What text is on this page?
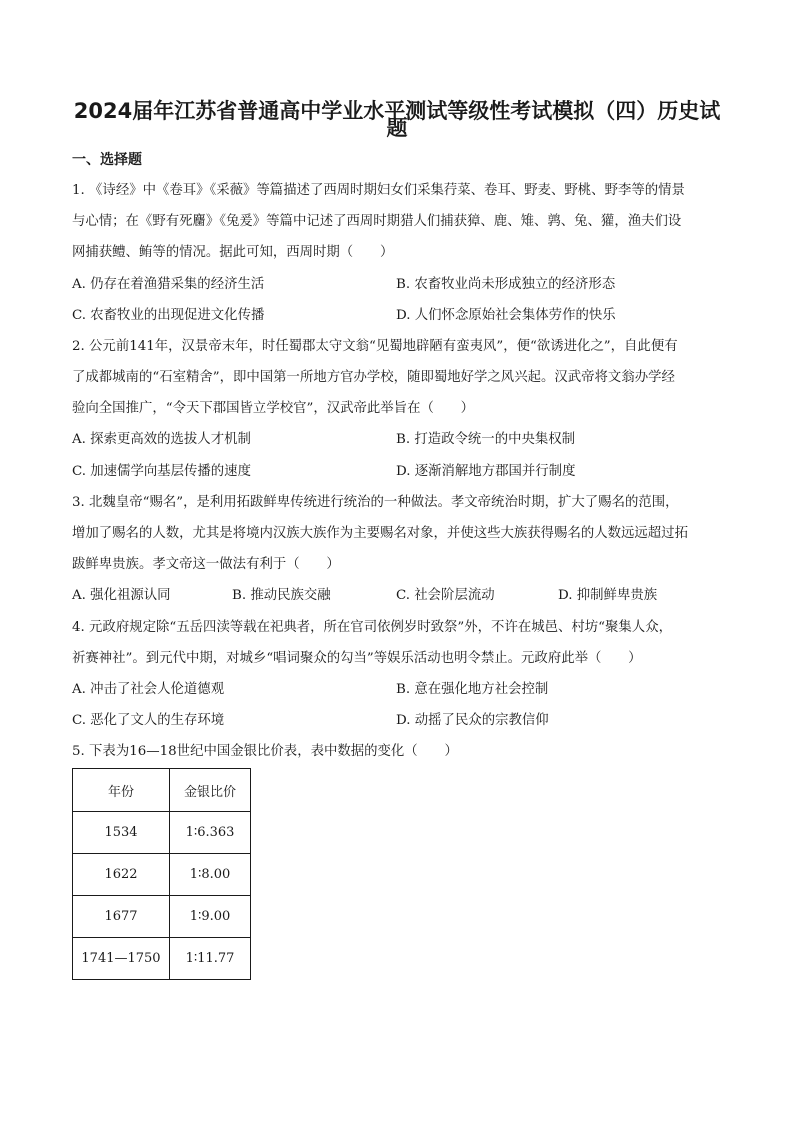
2024届年江苏省普通高中学业水平测试等级性考试模拟（四）历史试
题
一、选择题
1. 《诗经》中《卷耳》《采薇》等篇描述了西周时期妇女们采集荇菜、卷耳、野麦、野桃、野李等的情景
与心情；在《野有死麕》《兔爰》等篇中记述了西周时期猎人们捕获獐、鹿、雉、鹑、兔、獾，渔夫们设
网捕获鳢、鲔等的情况。据此可知，西周时期（　　）
A. 仍存在着渔猎采集的经济生活	B. 农畜牧业尚未形成独立的经济形态
C. 农畜牧业的出现促进文化传播	D. 人们怀念原始社会集体劳作的快乐
2. 公元前141年，汉景帝末年，时任蜀郡太守文翁“见蜀地辟陋有蛮夷风”，便“欲诱进化之”，自此便有
了成都城南的“石室精舍”，即中国第一所地方官办学校，随即蜀地好学之风兴起。汉武帝将文翁办学经
验向全国推广，“令天下郡国皆立学校官”，汉武帝此举旨在（　　）
A. 探索更高效的选拔人才机制	B. 打造政令统一的中央集权制
C. 加速儒学向基层传播的速度	D. 逐渐消解地方郡国并行制度
3. 北魏皇帝“赐名”，是利用拓跋鲜卑传统进行统治的一种做法。孝文帝统治时期，扩大了赐名的范围，
增加了赐名的人数，尤其是将境内汉族大族作为主要赐名对象，并使这些大族获得赐名的人数远远超过拓
跋鲜卑贵族。孝文帝这一做法有利于（　　）
A. 强化祖源认同	B. 推动民族交融	C. 社会阶层流动	D. 抑制鲜卑贵族
4. 元政府规定除“五岳四渎等载在祀典者，所在官司依例岁时致祭”外，不许在城邑、村坊“聚集人众，
祈赛神社”。到元代中期，对城乡“唱词聚众的勾当”等娱乐活动也明令禁止。元政府此举（　　）
A. 冲击了社会人伦道德观	B. 意在强化地方社会控制
C. 恶化了文人的生存环境	D. 动摇了民众的宗教信仰
5. 下表为16—18世纪中国金银比价表，表中数据的变化（　　）
年份	金银比价
1534	1∶6.363
1622	1∶8.00
1677	1∶9.00
1741—1750	1∶11.77
